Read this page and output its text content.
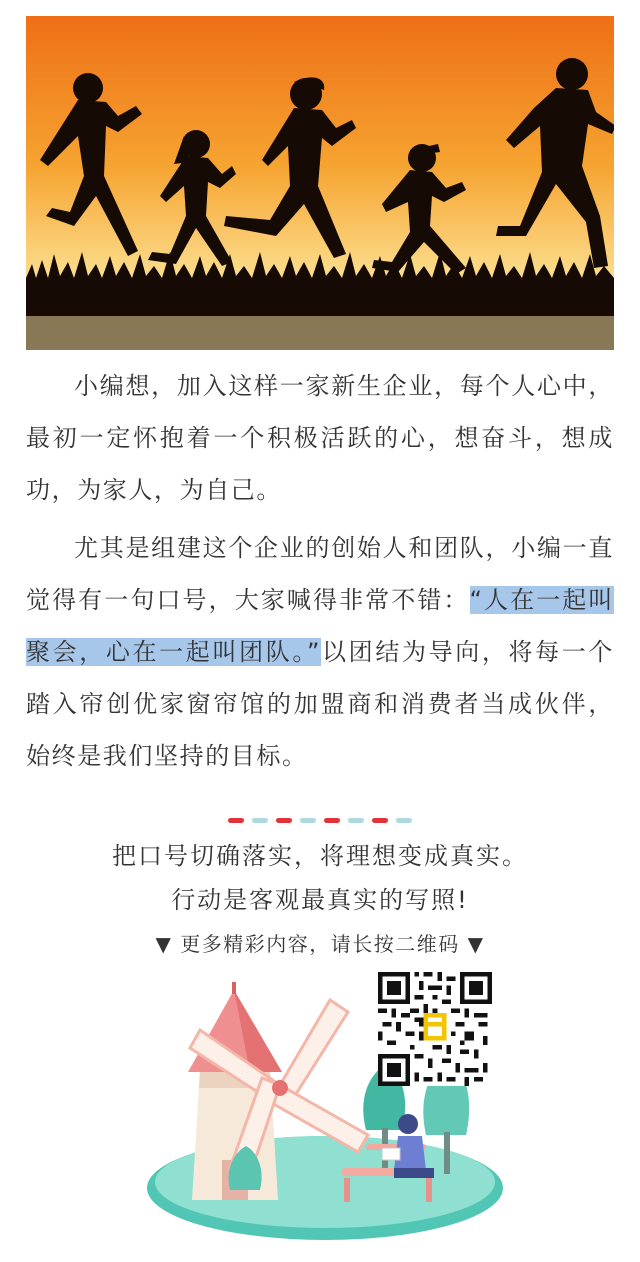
小编想，加入这样一家新生企业，每个人心中，最初一定怀抱着一个积极活跃的心，想奋斗，想成功，为家人，为自己。

尤其是组建这个企业的创始人和团队，小编一直觉得有一句口号，大家喊得非常不错：“人在一起叫聚会，心在一起叫团队。”以团结为导向，将每一个踏入帘创优家窗帘馆的加盟商和消费者当成伙伴，始终是我们坚持的目标。

把口号切确落实，将理想变成真实。
行动是客观最真实的写照!
▼ 更多精彩内容，请长按二维码 ▼
